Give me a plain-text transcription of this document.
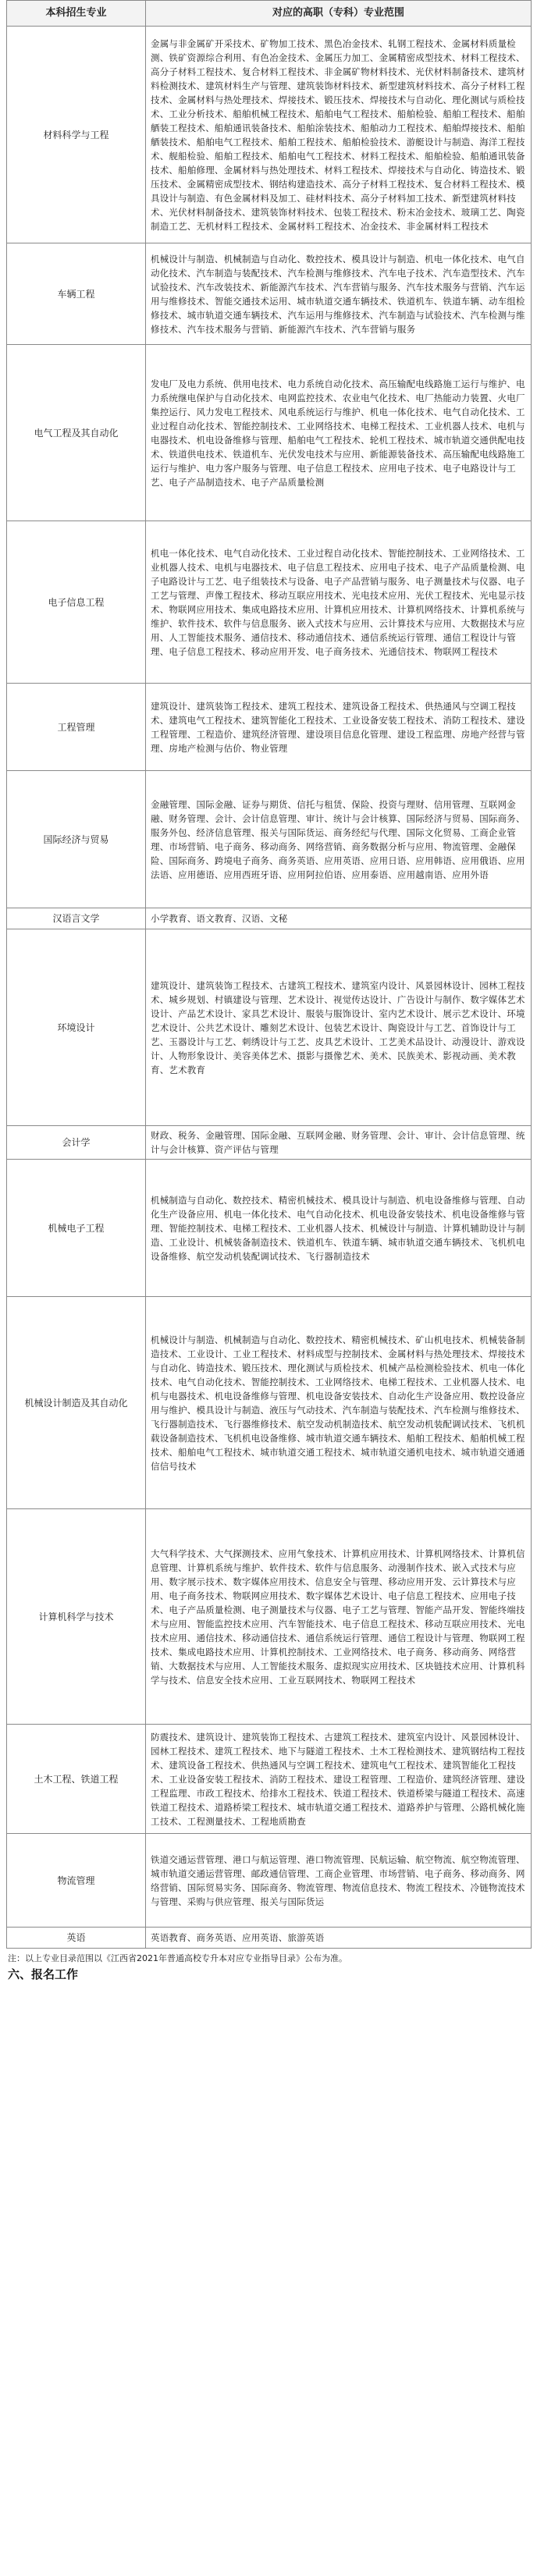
本科招生专业	对应的高职（专科）专业范围
材料科学与工程	金属与非金属矿开采技术、矿物加工技术、黑色冶金技术、轧钢工程技术、金属材料质量检测、铁矿资源综合利用、有色冶金技术、金属压力加工、金属精密成型技术、材料工程技术、高分子材料工程技术、复合材料工程技术、非金属矿物材料技术、光伏材料制备技术、建筑材料检测技术、建筑材料生产与管理、建筑装饰材料技术、新型建筑材料技术、高分子材料工程技术、金属材料与热处理技术、焊接技术、锻压技术、焊接技术与自动化、理化测试与质检技术、工业分析技术、船舶机械工程技术、船舶电气工程技术、船舶检验、船舶工程技术、船舶舾装工程技术、船舶通讯装备技术、船舶涂装技术、船舶动力工程技术、船舶焊接技术、船舶舾装技术、船舶电气工程技术、船舶工程技术、船舶检验技术、游艇设计与制造、海洋工程技术、舰船检验、船舶工程技术、船舶电气工程技术、材料工程技术、船舶检验、船舶通讯装备技术、船舶修理、金属材料与热处理技术、材料工程技术、焊接技术与自动化、铸造技术、锻压技术、金属精密成型技术、钢结构建造技术、高分子材料工程技术、复合材料工程技术、模具设计与制造、有色金属材料及加工、硅材料技术、高分子材料加工技术、新型建筑材料技术、光伏材料制备技术、建筑装饰材料技术、包装工程技术、粉末冶金技术、玻璃工艺、陶瓷制造工艺、无机材料工程技术、金属材料工程技术、冶金技术、非金属材料工程技术
车辆工程	机械设计与制造、机械制造与自动化、数控技术、模具设计与制造、机电一体化技术、电气自动化技术、汽车制造与装配技术、汽车检测与维修技术、汽车电子技术、汽车造型技术、汽车试验技术、汽车改装技术、新能源汽车技术、汽车营销与服务、汽车技术服务与营销、汽车运用与维修技术、智能交通技术运用、城市轨道交通车辆技术、铁道机车、铁道车辆、动车组检修技术、城市轨道交通车辆技术、汽车运用与维修技术、汽车制造与试验技术、汽车检测与维修技术、汽车技术服务与营销、新能源汽车技术、汽车营销与服务
电气工程及其自动化	发电厂及电力系统、供用电技术、电力系统自动化技术、高压输配电线路施工运行与维护、电力系统继电保护与自动化技术、电网监控技术、农业电气化技术、电厂热能动力装置、火电厂集控运行、风力发电工程技术、风电系统运行与维护、机电一体化技术、电气自动化技术、工业过程自动化技术、智能控制技术、工业网络技术、电梯工程技术、工业机器人技术、电机与电器技术、机电设备维修与管理、船舶电气工程技术、轮机工程技术、城市轨道交通供配电技术、铁道供电技术、铁道机车、光伏发电技术与应用、新能源装备技术、高压输配电线路施工运行与维护、电力客户服务与管理、电子信息工程技术、应用电子技术、电子电路设计与工艺、电子产品制造技术、电子产品质量检测
电子信息工程	机电一体化技术、电气自动化技术、工业过程自动化技术、智能控制技术、工业网络技术、工业机器人技术、电机与电器技术、电子信息工程技术、应用电子技术、电子产品质量检测、电子电路设计与工艺、电子组装技术与设备、电子产品营销与服务、电子测量技术与仪器、电子工艺与管理、声像工程技术、移动互联应用技术、光电技术应用、光伏工程技术、光电显示技术、物联网应用技术、集成电路技术应用、计算机应用技术、计算机网络技术、计算机系统与维护、软件技术、软件与信息服务、嵌入式技术与应用、云计算技术与应用、大数据技术与应用、人工智能技术服务、通信技术、移动通信技术、通信系统运行管理、通信工程设计与管理、电子信息工程技术、移动应用开发、电子商务技术、光通信技术、物联网工程技术
工程管理	建筑设计、建筑装饰工程技术、建筑工程技术、建筑设备工程技术、供热通风与空调工程技术、建筑电气工程技术、建筑智能化工程技术、工业设备安装工程技术、消防工程技术、建设工程管理、工程造价、建筑经济管理、建设项目信息化管理、建设工程监理、房地产经营与管理、房地产检测与估价、物业管理
国际经济与贸易	金融管理、国际金融、证券与期货、信托与租赁、保险、投资与理财、信用管理、互联网金融、财务管理、会计、会计信息管理、审计、统计与会计核算、国际经济与贸易、国际商务、服务外包、经济信息管理、报关与国际货运、商务经纪与代理、国际文化贸易、工商企业管理、市场营销、电子商务、移动商务、网络营销、商务数据分析与应用、物流管理、金融保险、国际商务、跨境电子商务、商务英语、应用英语、应用日语、应用韩语、应用俄语、应用法语、应用德语、应用西班牙语、应用阿拉伯语、应用泰语、应用越南语、应用外语
汉语言文学	小学教育、语文教育、汉语、文秘
环境设计	建筑设计、建筑装饰工程技术、古建筑工程技术、建筑室内设计、风景园林设计、园林工程技术、城乡规划、村镇建设与管理、艺术设计、视觉传达设计、广告设计与制作、数字媒体艺术设计、产品艺术设计、家具艺术设计、服装与服饰设计、室内艺术设计、展示艺术设计、环境艺术设计、公共艺术设计、雕刻艺术设计、包装艺术设计、陶瓷设计与工艺、首饰设计与工艺、玉器设计与工艺、刺绣设计与工艺、皮具艺术设计、工艺美术品设计、动漫设计、游戏设计、人物形象设计、美容美体艺术、摄影与摄像艺术、美术、民族美术、影视动画、美术教育、艺术教育
会计学	财政、税务、金融管理、国际金融、互联网金融、财务管理、会计、审计、会计信息管理、统计与会计核算、资产评估与管理
机械电子工程	机械制造与自动化、数控技术、精密机械技术、模具设计与制造、机电设备维修与管理、自动化生产设备应用、机电一体化技术、电气自动化技术、机电设备安装技术、机电设备维修与管理、智能控制技术、电梯工程技术、工业机器人技术、机械设计与制造、计算机辅助设计与制造、工业设计、机械装备制造技术、铁道机车、铁道车辆、城市轨道交通车辆技术、飞机机电设备维修、航空发动机装配调试技术、飞行器制造技术
机械设计制造及其自动化	机械设计与制造、机械制造与自动化、数控技术、精密机械技术、矿山机电技术、机械装备制造技术、工业设计、工业工程技术、材料成型与控制技术、金属材料与热处理技术、焊接技术与自动化、铸造技术、锻压技术、理化测试与质检技术、机械产品检测检验技术、机电一体化技术、电气自动化技术、智能控制技术、工业网络技术、电梯工程技术、工业机器人技术、电机与电器技术、机电设备维修与管理、机电设备安装技术、自动化生产设备应用、数控设备应用与维护、模具设计与制造、液压与气动技术、汽车制造与装配技术、汽车检测与维修技术、飞行器制造技术、飞行器维修技术、航空发动机制造技术、航空发动机装配调试技术、飞机机载设备制造技术、飞机机电设备维修、城市轨道交通车辆技术、船舶工程技术、船舶机械工程技术、船舶电气工程技术、城市轨道交通工程技术、城市轨道交通机电技术、城市轨道交通通信信号技术
计算机科学与技术	大气科学技术、大气探测技术、应用气象技术、计算机应用技术、计算机网络技术、计算机信息管理、计算机系统与维护、软件技术、软件与信息服务、动漫制作技术、嵌入式技术与应用、数字展示技术、数字媒体应用技术、信息安全与管理、移动应用开发、云计算技术与应用、电子商务技术、物联网应用技术、数字媒体艺术设计、电子信息工程技术、应用电子技术、电子产品质量检测、电子测量技术与仪器、电子工艺与管理、智能产品开发、智能终端技术与应用、智能监控技术应用、汽车智能技术、电子信息工程技术、移动互联应用技术、光电技术应用、通信技术、移动通信技术、通信系统运行管理、通信工程设计与管理、物联网工程技术、集成电路技术应用、计算机控制技术、工业网络技术、电子商务、移动商务、网络营销、大数据技术与应用、人工智能技术服务、虚拟现实应用技术、区块链技术应用、计算机科学与技术、信息安全技术应用、工业互联网技术、物联网工程技术
土木工程、铁道工程	防震技术、建筑设计、建筑装饰工程技术、古建筑工程技术、建筑室内设计、风景园林设计、园林工程技术、建筑工程技术、地下与隧道工程技术、土木工程检测技术、建筑钢结构工程技术、建筑设备工程技术、供热通风与空调工程技术、建筑电气工程技术、建筑智能化工程技术、工业设备安装工程技术、消防工程技术、建设工程管理、工程造价、建筑经济管理、建设工程监理、市政工程技术、给排水工程技术、铁道工程技术、铁道桥梁与隧道工程技术、高速铁道工程技术、道路桥梁工程技术、城市轨道交通工程技术、道路养护与管理、公路机械化施工技术、工程测量技术、工程地质勘查
物流管理	铁道交通运营管理、港口与航运管理、港口物流管理、民航运输、航空物流、航空物流管理、城市轨道交通运营管理、邮政通信管理、工商企业管理、市场营销、电子商务、移动商务、网络营销、国际贸易实务、国际商务、物流管理、物流信息技术、物流工程技术、冷链物流技术与管理、采购与供应管理、报关与国际货运
英语	英语教育、商务英语、应用英语、旅游英语
注：以上专业目录范围以《江西省2021年普通高校专升本对应专业指导目录》公布为准。
六、报名工作
